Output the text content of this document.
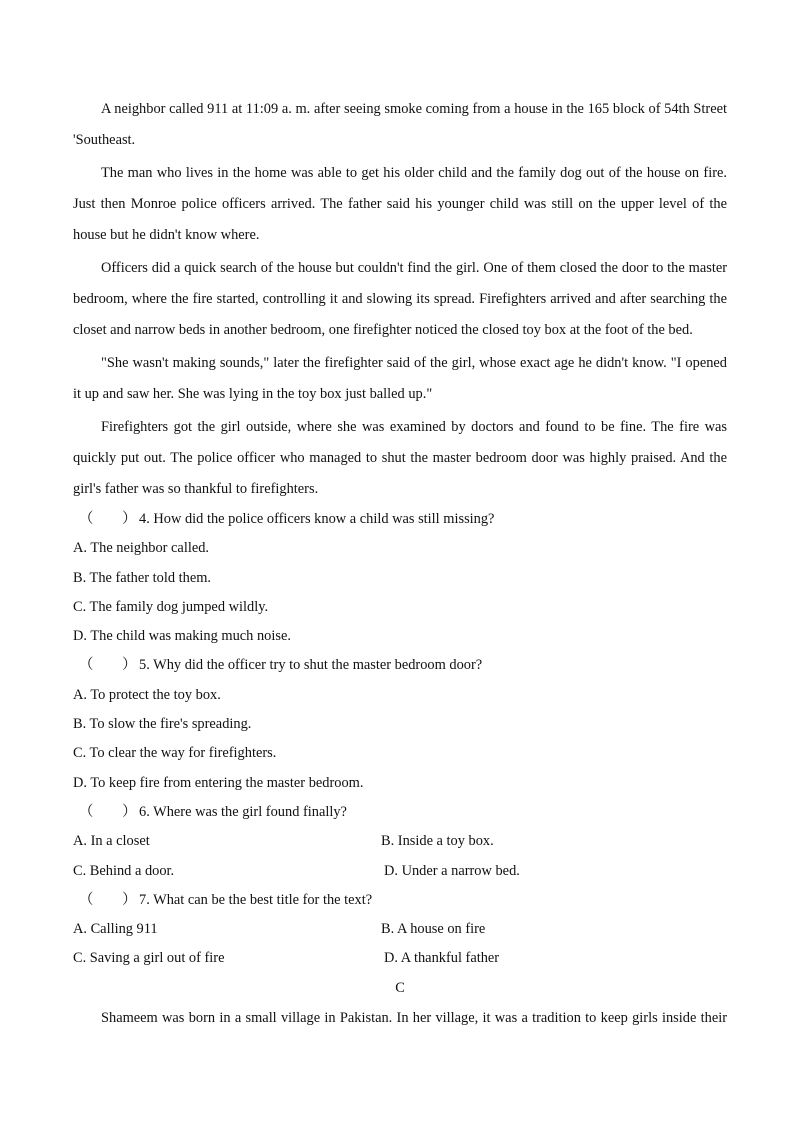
A neighbor called 911 at 11:09 a. m. after seeing smoke coming from a house in the 165 block of 54th Street 'Southeast.

The man who lives in the home was able to get his older child and the family dog out of the house on fire. Just then Monroe police officers arrived. The father said his younger child was still on the upper level of the house but he didn't know where.

Officers did a quick search of the house but couldn't find the girl. One of them closed the door to the master bedroom, where the fire started, controlling it and slowing its spread. Firefighters arrived and after searching the closet and narrow beds in another bedroom, one firefighter noticed the closed toy box at the foot of the bed.

"She wasn't making sounds," later the firefighter said of the girl, whose exact age he didn't know. "I opened it up and saw her. She was lying in the toy box just balled up."

Firefighters got the girl outside, where she was examined by doctors and found to be fine. The fire was quickly put out. The police officer who managed to shut the master bedroom door was highly praised. And the girl's father was so thankful to firefighters.

（　　） 4. How did the police officers know a child was still missing?

A. The neighbor called.

B. The father told them.

C. The family dog jumped wildly.

D. The child was making much noise.

（　　） 5. Why did the officer try to shut the master bedroom door?

A. To protect the toy box.

B. To slow the fire's spreading.

C. To clear the way for firefighters.

D. To keep fire from entering the master bedroom.

（　　） 6. Where was the girl found finally?

A. In a closet	B. Inside a toy box.
C. Behind a door.	D. Under a narrow bed.

（　　） 7. What can be the best title for the text?

A. Calling 911	B. A house on fire
C. Saving a girl out of fire	D. A thankful father

C

Shameem was born in a small village in Pakistan. In her village, it was a tradition to keep girls inside their
